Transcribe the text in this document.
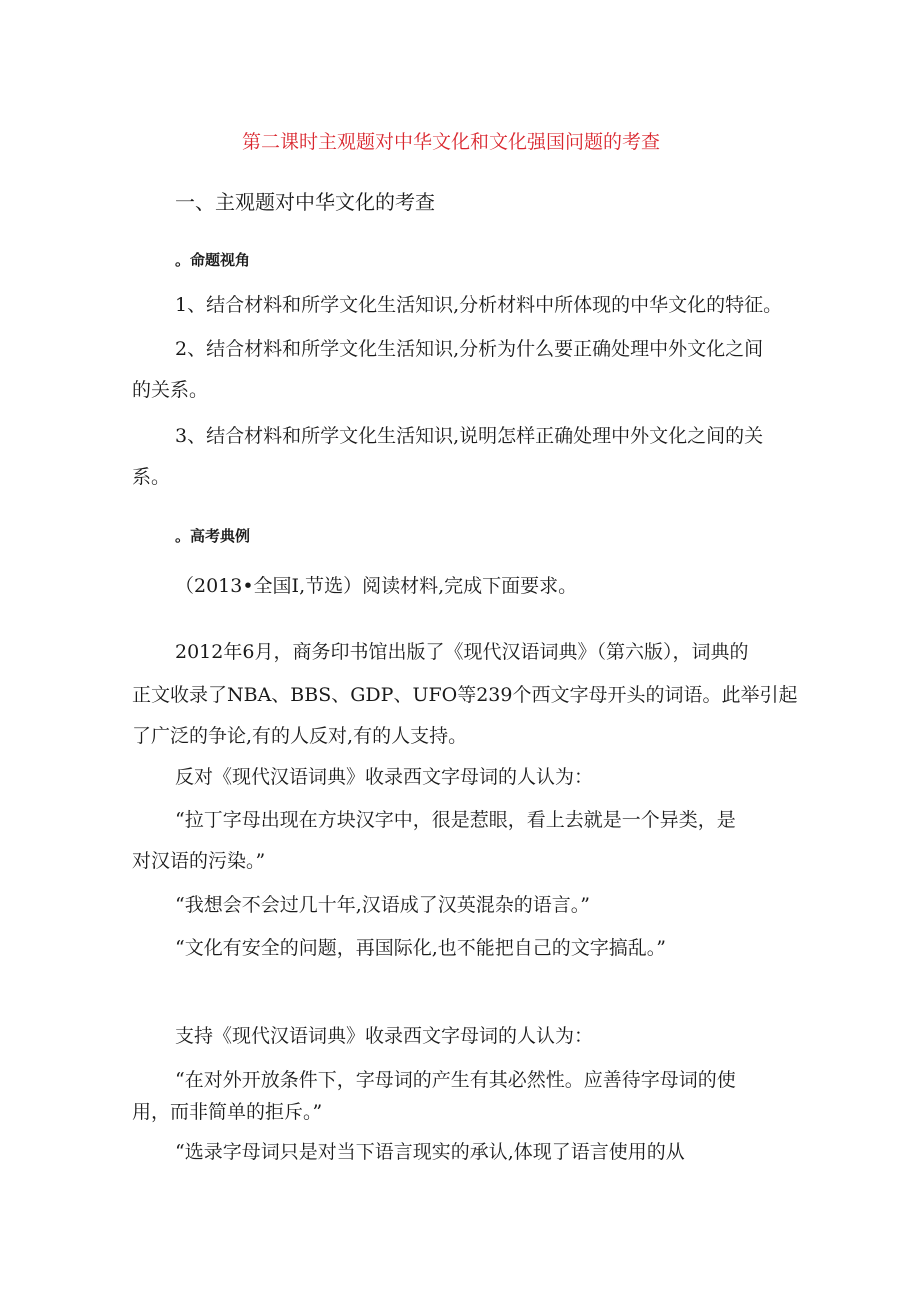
第二课时主观题对中华文化和文化强国问题的考查
一、主观题对中华文化的考查
。命题视角
1、结合材料和所学文化生活知识,分析材料中所体现的中华文化的特征。
2、结合材料和所学文化生活知识,分析为什么要正确处理中外文化之间
的关系。
3、结合材料和所学文化生活知识,说明怎样正确处理中外文化之间的关
系。
。高考典例
（2013•全国I,节选）阅读材料,完成下面要求。
2012年6月，商务印书馆出版了《现代汉语词典》（第六版），词典的
正文收录了NBA、BBS、GDP、UFO等239个西文字母开头的词语。此举引起
了广泛的争论,有的人反对,有的人支持。
反对《现代汉语词典》收录西文字母词的人认为：
“拉丁字母出现在方块汉字中，很是惹眼，看上去就是一个异类，是
对汉语的污染。”
“我想会不会过几十年,汉语成了汉英混杂的语言。”
“文化有安全的问题，再国际化,也不能把自己的文字搞乱。”
支持《现代汉语词典》收录西文字母词的人认为：
“在对外开放条件下，字母词的产生有其必然性。应善待字母词的使
用，而非简单的拒斥。”
“选录字母词只是对当下语言现实的承认,体现了语言使用的从
